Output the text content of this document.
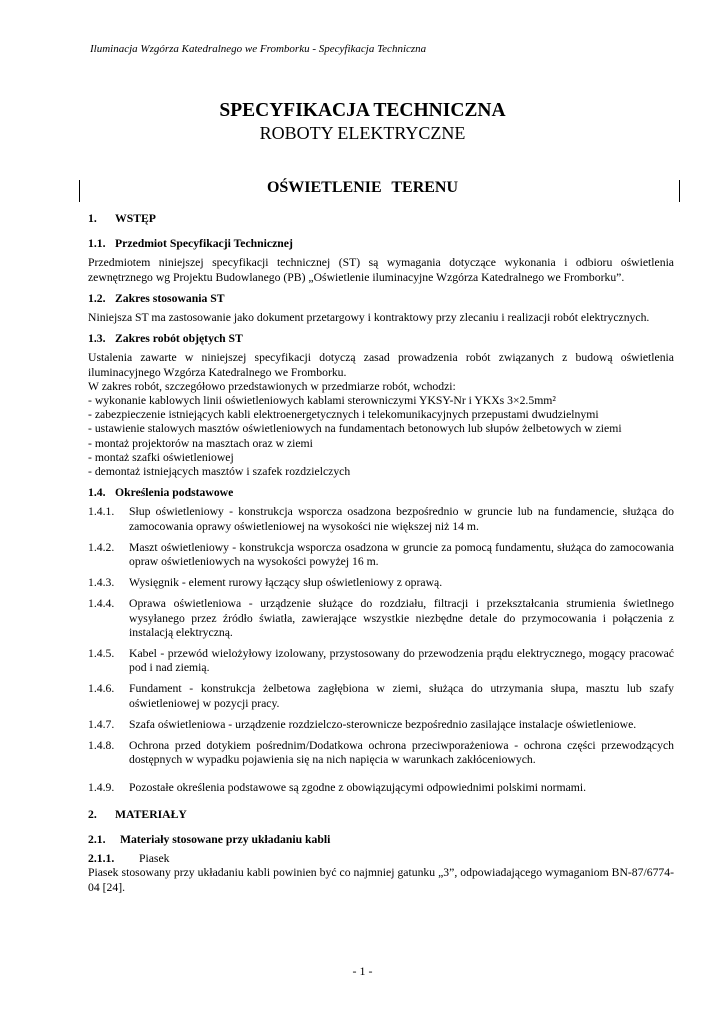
Iluminacja Wzgórza Katedralnego we Fromborku - Specyfikacja Techniczna
SPECYFIKACJA TECHNICZNA
ROBOTY ELEKTRYCZNE
OŚWIETLENIE TERENU
1. WSTĘP
1.1. Przedmiot Specyfikacji Technicznej

Przedmiotem niniejszej specyfikacji technicznej (ST) są wymagania dotyczące wykonania i odbioru oświetlenia zewnętrznego wg Projektu Budowlanego (PB) „Oświetlenie iluminacyjne Wzgórza Katedralnego we Fromborku”.

1.2. Zakres stosowania ST

Niniejsza ST ma zastosowanie jako dokument przetargowy i kontraktowy przy zlecaniu i realizacji robót elektrycznych.

1.3. Zakres robót objętych ST

Ustalenia zawarte w niniejszej specyfikacji dotyczą zasad prowadzenia robót związanych z budową oświetlenia iluminacyjnego Wzgórza Katedralnego we Fromborku.

W zakres robót, szczegółowo przedstawionych w przedmiarze robót, wchodzi:

- wykonanie kablowych linii oświetleniowych kablami sterowniczymi YKSY-Nr i YKXs 3×2.5mm²
- zabezpieczenie istniejących kabli elektroenergetycznych i telekomunikacyjnych przepustami dwudzielnymi
- ustawienie stalowych masztów oświetleniowych na fundamentach betonowych lub słupów żelbetowych w ziemi
- montaż projektorów na masztach oraz w ziemi
- montaż szafki oświetleniowej
- demontaż istniejących masztów i szafek rozdzielczych
1.4. Określenia podstawowe
1.4.1.	Słup oświetleniowy - konstrukcja wsporcza osadzona bezpośrednio w gruncie lub na fundamencie, służąca do zamocowania oprawy oświetleniowej na wysokości nie większej niż 14 m.
1.4.2.	Maszt oświetleniowy - konstrukcja wsporcza osadzona w gruncie za pomocą fundamentu, służąca do zamocowania opraw oświetleniowych na wysokości powyżej 16 m.
1.4.3.	Wysięgnik - element rurowy łączący słup oświetleniowy z oprawą.
1.4.4.	Oprawa oświetleniowa - urządzenie służące do rozdziału, filtracji i przekształcania strumienia świetlnego wysyłanego przez źródło światła, zawierające wszystkie niezbędne detale do przymocowania i połączenia z instalacją elektryczną.
1.4.5.	Kabel - przewód wielożyłowy izolowany, przystosowany do przewodzenia prądu elektrycznego, mogący pracować pod i nad ziemią.
1.4.6.	Fundament - konstrukcja żelbetowa zagłębiona w ziemi, służąca do utrzymania słupa, masztu lub szafy oświetleniowej w pozycji pracy.
1.4.7.	Szafa oświetleniowa - urządzenie rozdzielczo-sterownicze bezpośrednio zasilające instalacje oświetleniowe.
1.4.8.	Ochrona przed dotykiem pośrednim/Dodatkowa ochrona przeciwporażeniowa - ochrona części przewodzących dostępnych w wypadku pojawienia się na nich napięcia w warunkach zakłóceniowych.
1.4.9.	Pozostałe określenia podstawowe są zgodne z obowiązującymi odpowiednimi polskimi normami.
2. MATERIAŁY
2.1. Materiały stosowane przy układaniu kabli
2.1.1. Piasek

Piasek stosowany przy układaniu kabli powinien być co najmniej gatunku „3”, odpowiadającego wymaganiom BN-87/6774-04 [24].

- 1 -
